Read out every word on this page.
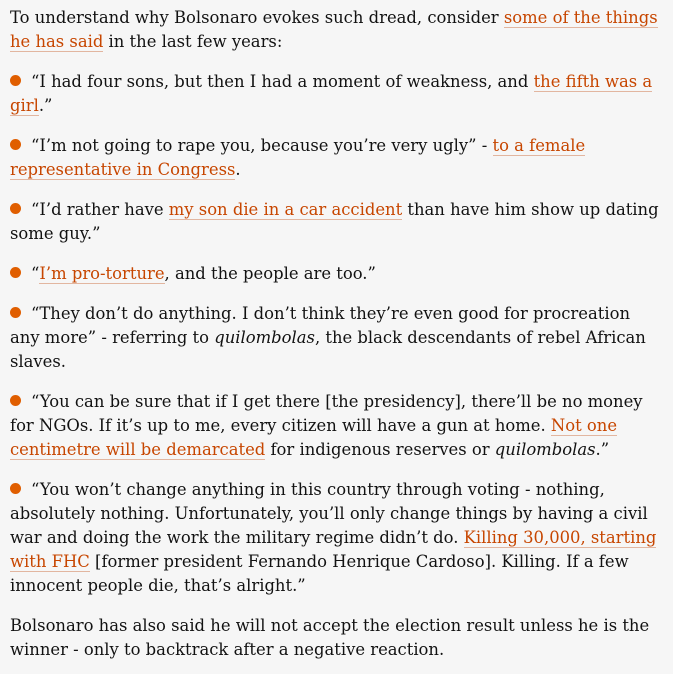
To understand why Bolsonaro evokes such dread, consider some of the things he has said in the last few years:

“I had four sons, but then I had a moment of weakness, and the fifth was a girl.”

“I’m not going to rape you, because you’re very ugly” - to a female representative in Congress.

“I’d rather have my son die in a car accident than have him show up dating some guy.”

“I’m pro-torture, and the people are too.”

“They don’t do anything. I don’t think they’re even good for procreation any more” - referring to quilombolas, the black descendants of rebel African slaves.

“You can be sure that if I get there [the presidency], there’ll be no money for NGOs. If it’s up to me, every citizen will have a gun at home. Not one centimetre will be demarcated for indigenous reserves or quilombolas.”

“You won’t change anything in this country through voting - nothing, absolutely nothing. Unfortunately, you’ll only change things by having a civil war and doing the work the military regime didn’t do. Killing 30,000, starting with FHC [former president Fernando Henrique Cardoso]. Killing. If a few innocent people die, that’s alright.”

Bolsonaro has also said he will not accept the election result unless he is the winner - only to backtrack after a negative reaction.
